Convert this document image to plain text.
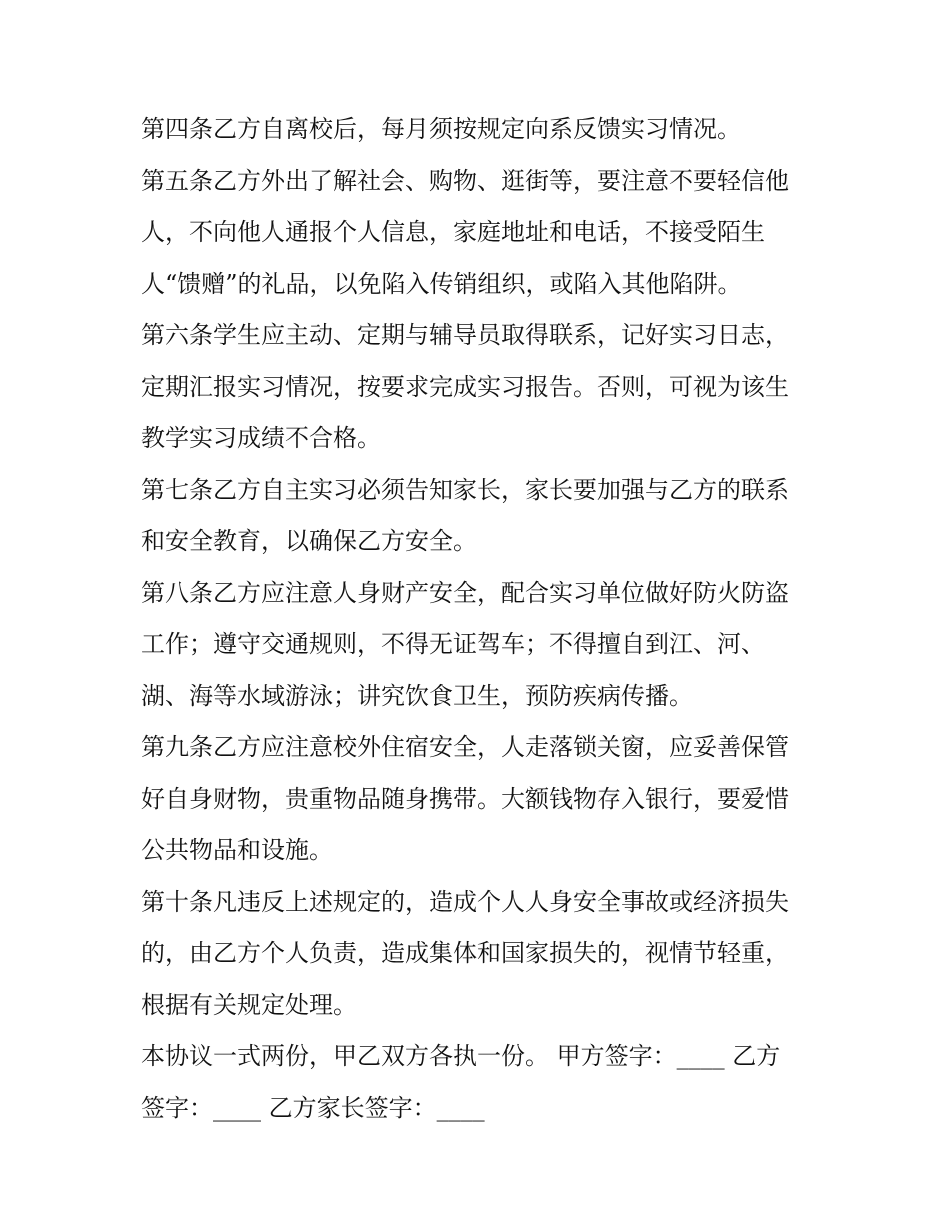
第四条乙方自离校后，每月须按规定向系反馈实习情况。

第五条乙方外出了解社会、购物、逛街等，要注意不要轻信他
人，不向他人通报个人信息，家庭地址和电话，不接受陌生
人“馈赠”的礼品，以免陷入传销组织，或陷入其他陷阱。

第六条学生应主动、定期与辅导员取得联系，记好实习日志，
定期汇报实习情况，按要求完成实习报告。否则，可视为该生
教学实习成绩不合格。

第七条乙方自主实习必须告知家长，家长要加强与乙方的联系
和安全教育，以确保乙方安全。

第八条乙方应注意人身财产安全，配合实习单位做好防火防盗
工作；遵守交通规则，不得无证驾车；不得擅自到江、河、
湖、海等水域游泳；讲究饮食卫生，预防疾病传播。

第九条乙方应注意校外住宿安全，人走落锁关窗，应妥善保管
好自身财物，贵重物品随身携带。大额钱物存入银行，要爱惜
公共物品和设施。

第十条凡违反上述规定的，造成个人人身安全事故或经济损失
的，由乙方个人负责，造成集体和国家损失的，视情节轻重，
根据有关规定处理。

本协议一式两份，甲乙双方各执一份。 甲方签字：____ 乙方
签字：____ 乙方家长签字：____
